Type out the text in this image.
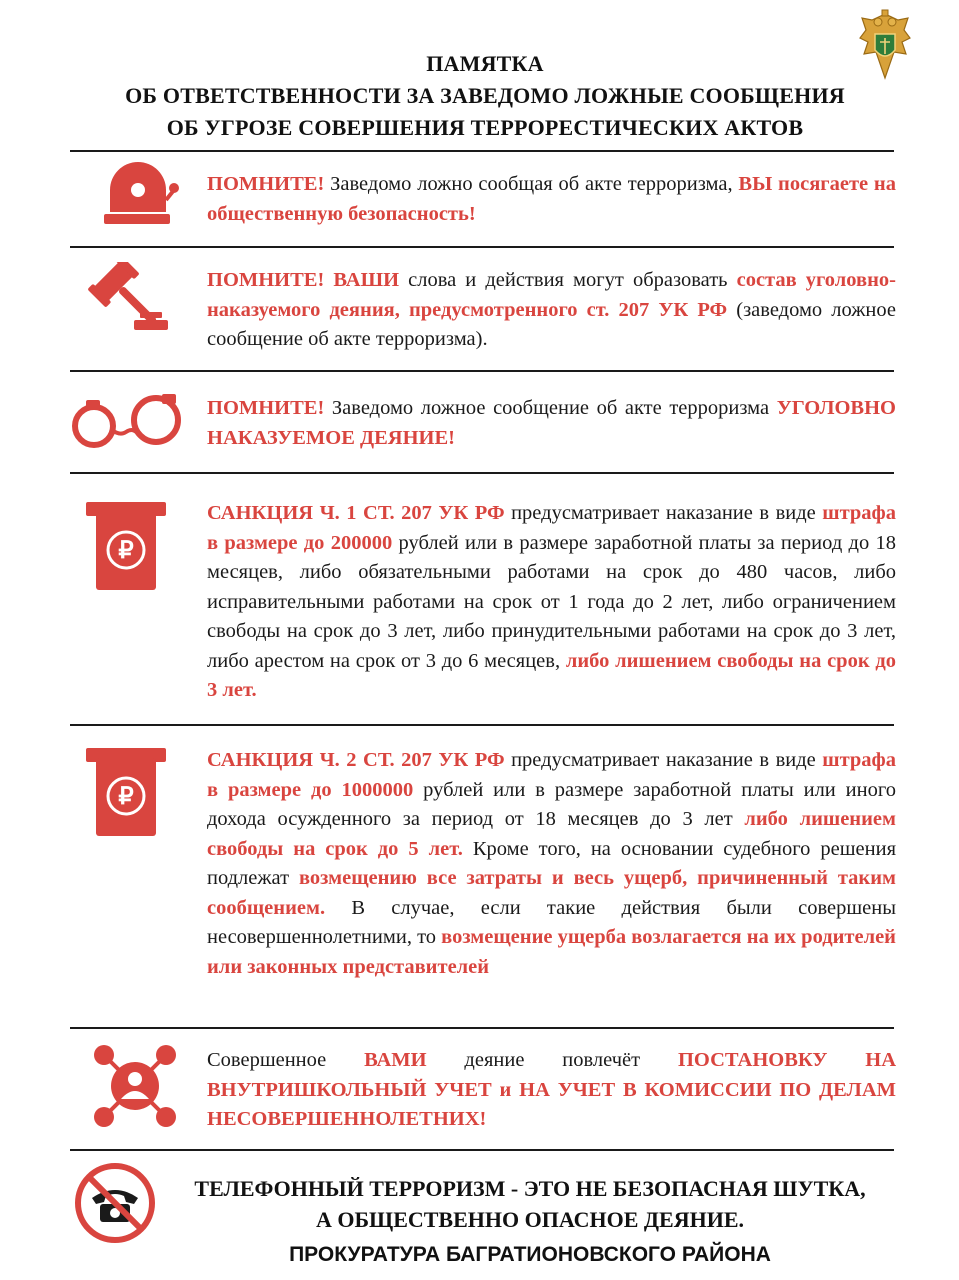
ПАМЯТКА
ОБ ОТВЕТСТВЕННОСТИ ЗА ЗАВЕДОМО ЛОЖНЫЕ СООБЩЕНИЯ
ОБ УГРОЗЕ СОВЕРШЕНИЯ ТЕРРОРЕСТИЧЕСКИХ АКТОВ
₽
₽
ПОМНИТЕ! Заведомо ложно сообщая об акте терроризма, ВЫ посягаете на общественную безопасность!
ПОМНИТЕ! ВАШИ слова и действия могут образовать состав уголовно-наказуемого деяния, предусмотренного ст. 207 УК РФ (заведомо ложное сообщение об акте терроризма).
ПОМНИТЕ! Заведомо ложное сообщение об акте терроризма УГОЛОВНО НАКАЗУЕМОЕ ДЕЯНИЕ!
САНКЦИЯ Ч. 1 СТ. 207 УК РФ предусматривает наказание в виде штрафа в размере до 200000 рублей или в размере заработной платы за период до 18 месяцев, либо обязательными работами на срок до 480 часов, либо исправительными работами на срок от 1 года до 2 лет, либо ограничением свободы на срок до 3 лет, либо принудительными работами на срок до 3 лет, либо арестом на срок от 3 до 6 месяцев, либо лишением свободы на срок до 3 лет.
САНКЦИЯ Ч. 2 СТ. 207 УК РФ предусматривает наказание в виде штрафа в размере до 1000000 рублей или в размере заработной платы или иного дохода осужденного за период от 18 месяцев до 3 лет либо лишением свободы на срок до 5 лет. Кроме того, на основании судебного решения подлежат возмещению все затраты и весь ущерб, причиненный таким сообщением. В случае, если такие действия были совершены несовершеннолетними, то возмещение ущерба возлагается на их родителей или законных представителей
Совершенное ВАМИ деяние повлечёт ПОСТАНОВКУ НА ВНУТРИШКОЛЬНЫЙ УЧЕТ и НА УЧЕТ В КОМИССИИ ПО ДЕЛАМ НЕСОВЕРШЕННОЛЕТНИХ!
ТЕЛЕФОННЫЙ ТЕРРОРИЗМ - ЭТО НЕ БЕЗОПАСНАЯ ШУТКА,
А ОБЩЕСТВЕННО ОПАСНОЕ ДЕЯНИЕ.
ПРОКУРАТУРА БАГРАТИОНОВСКОГО РАЙОНА
